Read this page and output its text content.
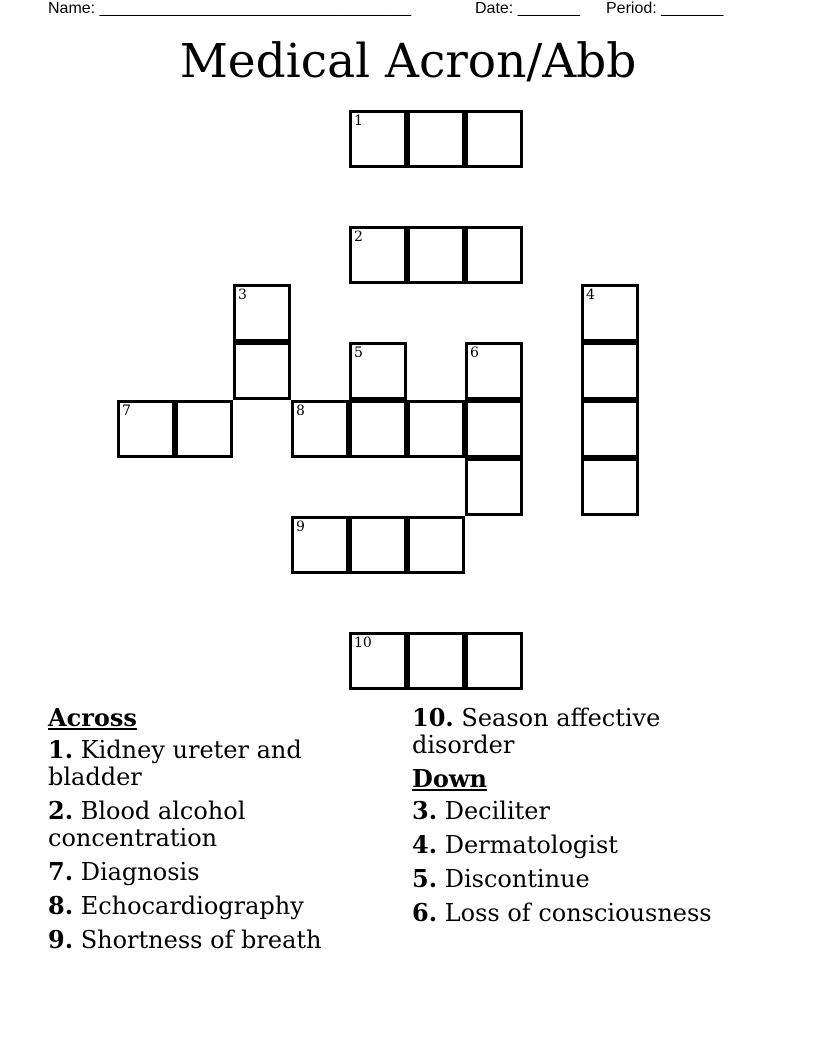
Name: ___________________________________	Date: _______ Period: _______
Medical Acron/Abb
1
2
3	4
5	6
7	8
9
10
Across
1. Kidney ureter and bladder
2. Blood alcohol concentration
7. Diagnosis
8. Echocardiography
9. Shortness of breath
10. Season affective disorder
Down
3. Deciliter
4. Dermatologist
5. Discontinue
6. Loss of consciousness
